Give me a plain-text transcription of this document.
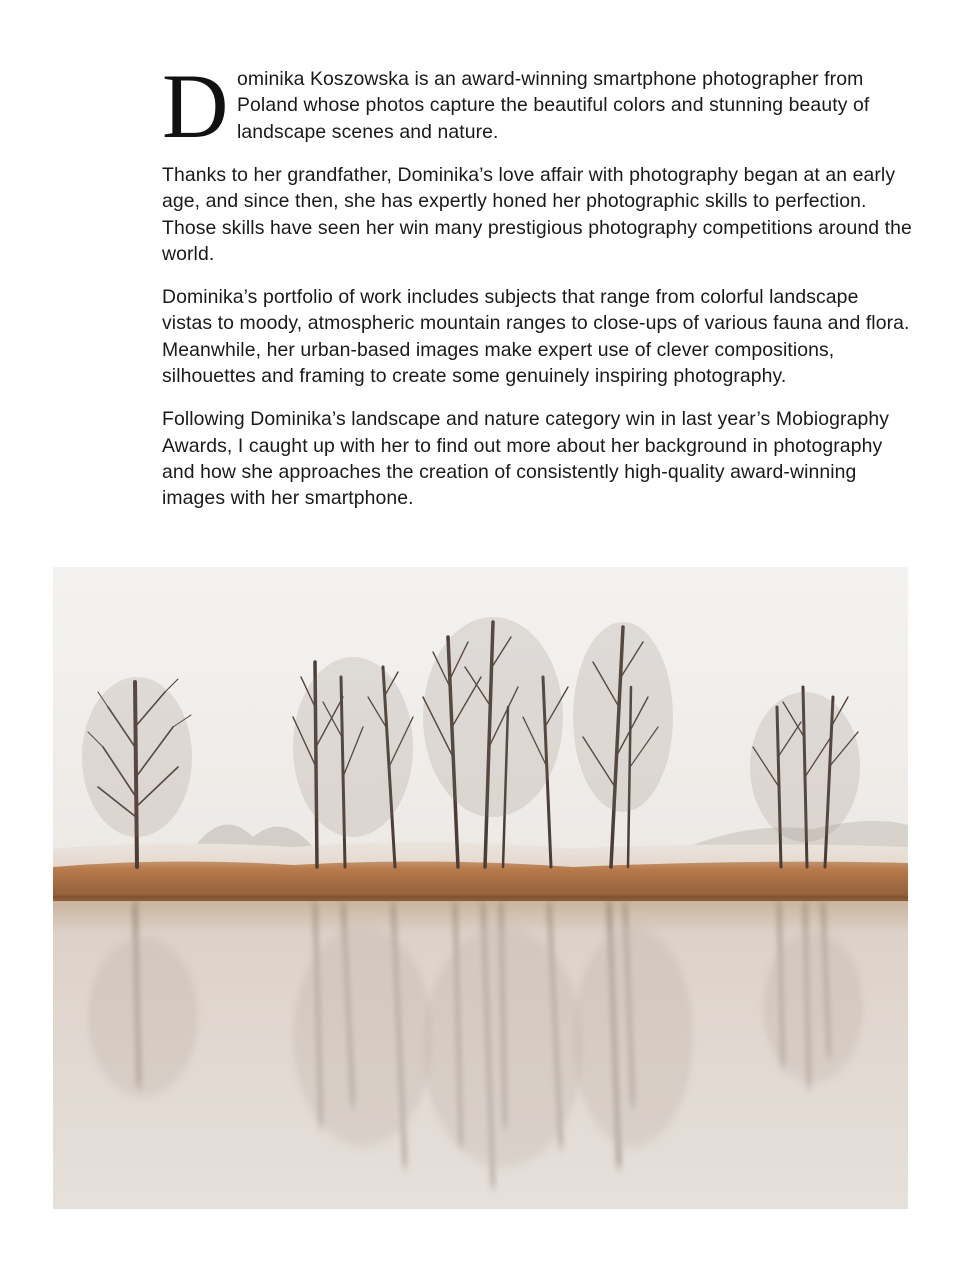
D ominika Koszowska is an award-winning smartphone photographer from Poland whose photos capture the beautiful colors and stunning beauty of landscape scenes and nature.

Thanks to her grandfather, Dominika’s love affair with photography began at an early age, and since then, she has expertly honed her photographic skills to perfection. Those skills have seen her win many prestigious photography competitions around the world.

Dominika’s portfolio of work includes subjects that range from colorful landscape vistas to moody, atmospheric mountain ranges to close-ups of various fauna and flora. Meanwhile, her urban-based images make expert use of clever compositions, silhouettes and framing to create some genuinely inspiring photography.

Following Dominika’s landscape and nature category win in last year’s Mobiography Awards, I caught up with her to find out more about her background in photography and how she approaches the creation of consistently high-quality award-winning images with her smartphone.
